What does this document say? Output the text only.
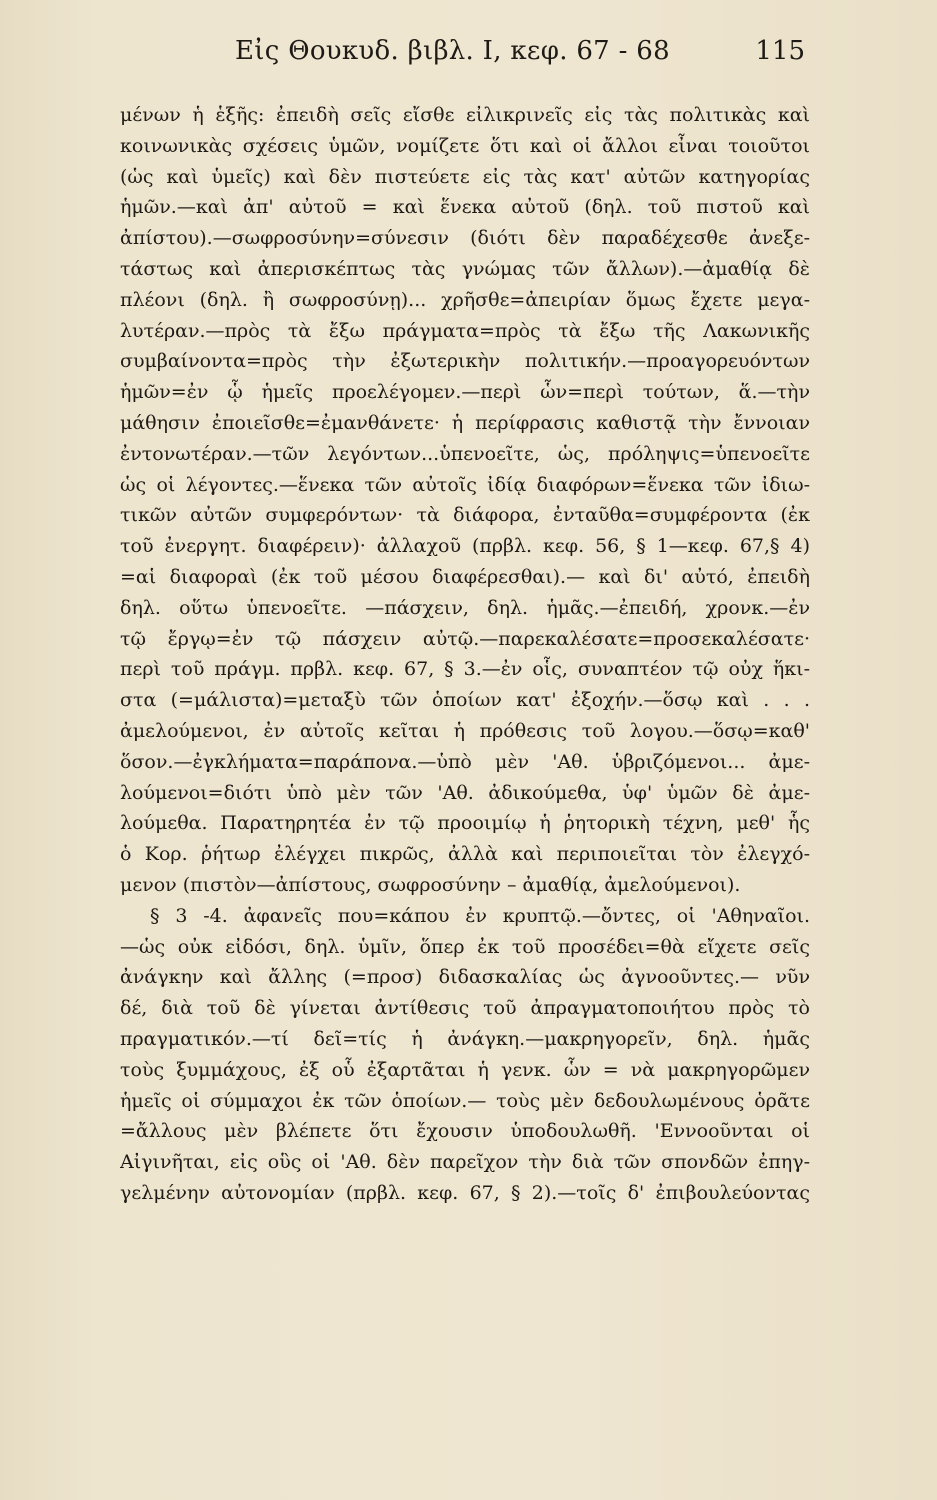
Εἰς Θουκυδ. βιβλ. I, κεφ. 67 - 68	115
μένων ἡ ἑξῆς: ἐπειδὴ σεῖς εἴσθε εἰλικρινεῖς εἰς τὰς πολιτικὰς καὶ
κοινωνικὰς σχέσεις ὑμῶν, νομίζετε ὅτι καὶ οἱ ἄλλοι εἶναι τοιοῦτοι
(ὡς καὶ ὑμεῖς) καὶ δὲν πιστεύετε εἰς τὰς κατ' αὐτῶν κατηγορίας
ἡμῶν.—καὶ ἀπ' αὐτοῦ = καὶ ἕνεκα αὐτοῦ (δηλ. τοῦ πιστοῦ καὶ
ἀπίστου).—σωφροσύνην=σύνεσιν (διότι δὲν παραδέχεσθε ἀνεξε-
τάστως καὶ ἀπερισκέπτως τὰς γνώμας τῶν ἄλλων).—ἀμαθίᾳ δὲ
πλέονι (δηλ. ἢ σωφροσύνῃ)... χρῆσθε=ἀπειρίαν ὅμως ἔχετε μεγα-
λυτέραν.—πρὸς τὰ ἔξω πράγματα=πρὸς τὰ ἔξω τῆς Λακωνικῆς
συμβαίνοντα=πρὸς τὴν ἐξωτερικὴν πολιτικήν.—προαγορευόντων
ἡμῶν=ἐν ᾧ ἡμεῖς προελέγομεν.—περὶ ὧν=περὶ τούτων, ἅ.—τὴν
μάθησιν ἐποιεῖσθε=ἐμανθάνετε· ἡ περίφρασις καθιστᾷ τὴν ἔννοιαν
ἐντονωτέραν.—τῶν λεγόντων...ὑπενοεῖτε, ὡς, πρόληψις=ὑπενοεῖτε
ὡς οἱ λέγοντες.—ἕνεκα τῶν αὐτοῖς ἰδίᾳ διαφόρων=ἕνεκα τῶν ἰδιω-
τικῶν αὐτῶν συμφερόντων· τὰ διάφορα, ἐνταῦθα=συμφέροντα (ἐκ
τοῦ ἐνεργητ. διαφέρειν)· ἀλλαχοῦ (πρβλ. κεφ. 56, § 1—κεφ. 67,§ 4)
=αἱ διαφοραὶ (ἐκ τοῦ μέσου διαφέρεσθαι).— καὶ δι' αὐτό, ἐπειδὴ
δηλ. οὕτω ὑπενοεῖτε. —πάσχειν, δηλ. ἡμᾶς.—ἐπειδή, χρονκ.—ἐν
τῷ ἔργῳ=ἐν τῷ πάσχειν αὐτῷ.—παρεκαλέσατε=προσεκαλέσατε·
περὶ τοῦ πράγμ. πρβλ. κεφ. 67, § 3.—ἐν οἷς, συναπτέον τῷ οὐχ ἥκι-
στα (=μάλιστα)=μεταξὺ τῶν ὁποίων κατ' ἐξοχήν.—ὅσῳ καὶ . . .
ἀμελούμενοι, ἐν αὐτοῖς κεῖται ἡ πρόθεσις τοῦ λογου.—ὅσῳ=καθ'
ὅσον.—ἐγκλήματα=παράπονα.—ὑπὸ μὲν 'Αθ. ὑβριζόμενοι... ἀμε-
λούμενοι=διότι ὑπὸ μὲν τῶν 'Αθ. ἀδικούμεθα, ὑφ' ὑμῶν δὲ ἀμε-
λούμεθα. Παρατηρητέα ἐν τῷ προοιμίῳ ἡ ῥητορικὴ τέχνη, μεθ' ἧς
ὁ Κορ. ῥήτωρ ἐλέγχει πικρῶς, ἀλλὰ καὶ περιποιεῖται τὸν ἐλεγχό-
μενον (πιστὸν—ἀπίστους, σωφροσύνην – ἀμαθίᾳ, ἀμελούμενοι).
§ 3 -4. ἀφανεῖς που=κάπου ἐν κρυπτῷ.—ὄντες, οἱ 'Αθηναῖοι.
—ὡς οὐκ εἰδόσι, δηλ. ὑμῖν, ὅπερ ἐκ τοῦ προσέδει=θὰ εἴχετε σεῖς
ἀνάγκην καὶ ἄλλης (=προσ) διδασκαλίας ὡς ἀγνοοῦντες.— νῦν
δέ, διὰ τοῦ δὲ γίνεται ἀντίθεσις τοῦ ἀπραγματοποιήτου πρὸς τὸ
πραγματικόν.—τί δεῖ=τίς ἡ ἀνάγκη.—μακρηγορεῖν, δηλ. ἡμᾶς
τοὺς ξυμμάχους, ἐξ οὗ ἐξαρτᾶται ἡ γενκ. ὧν = νὰ μακρηγορῶμεν
ἡμεῖς οἱ σύμμαχοι ἐκ τῶν ὁποίων.— τοὺς μὲν δεδουλωμένους ὁρᾶτε
=ἄλλους μὲν βλέπετε ὅτι ἔχουσιν ὑποδουλωθῆ. 'Εννοοῦνται οἱ
Αἰγινῆται, εἰς οὓς οἱ 'Αθ. δὲν παρεῖχον τὴν διὰ τῶν σπονδῶν ἐπηγ-
γελμένην αὐτονομίαν (πρβλ. κεφ. 67, § 2).—τοῖς δ' ἐπιβουλεύοντας
